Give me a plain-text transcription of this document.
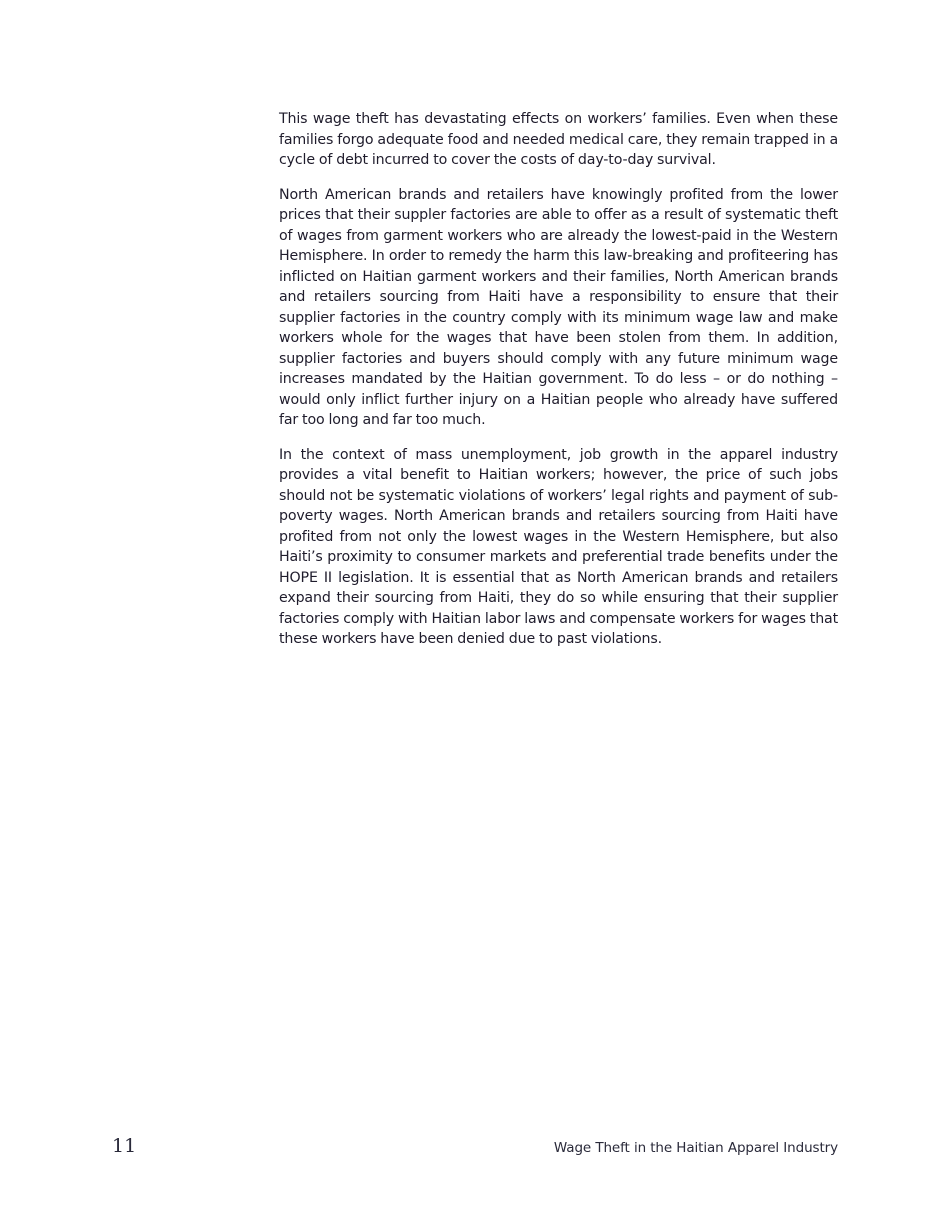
This wage theft has devastating effects on workers’ families. Even when these families forgo adequate food and needed medical care, they remain trapped in a cycle of debt incurred to cover the costs of day-to-day survival.

North American brands and retailers have knowingly profited from the lower prices that their suppler factories are able to offer as a result of systematic theft of wages from garment workers who are already the lowest-paid in the Western Hemisphere. In order to remedy the harm this law-breaking and profiteering has inflicted on Haitian garment workers and their families, North American brands and retailers sourcing from Haiti have a responsibility to ensure that their supplier factories in the country comply with its minimum wage law and make workers whole for the wages that have been stolen from them. In addition, supplier factories and buyers should comply with any future minimum wage increases mandated by the Haitian government. To do less – or do nothing – would only inflict further injury on a Haitian people who already have suffered far too long and far too much.

In the context of mass unemployment, job growth in the apparel industry provides a vital benefit to Haitian workers; however, the price of such jobs should not be systematic violations of workers’ legal rights and payment of sub-poverty wages. North American brands and retailers sourcing from Haiti have profited from not only the lowest wages in the Western Hemisphere, but also Haiti’s proximity to consumer markets and preferential trade benefits under the HOPE II legislation. It is essential that as North American brands and retailers expand their sourcing from Haiti, they do so while ensuring that their supplier factories comply with Haitian labor laws and compensate workers for wages that these workers have been denied due to past violations.

11	Wage Theft in the Haitian Apparel Industry
